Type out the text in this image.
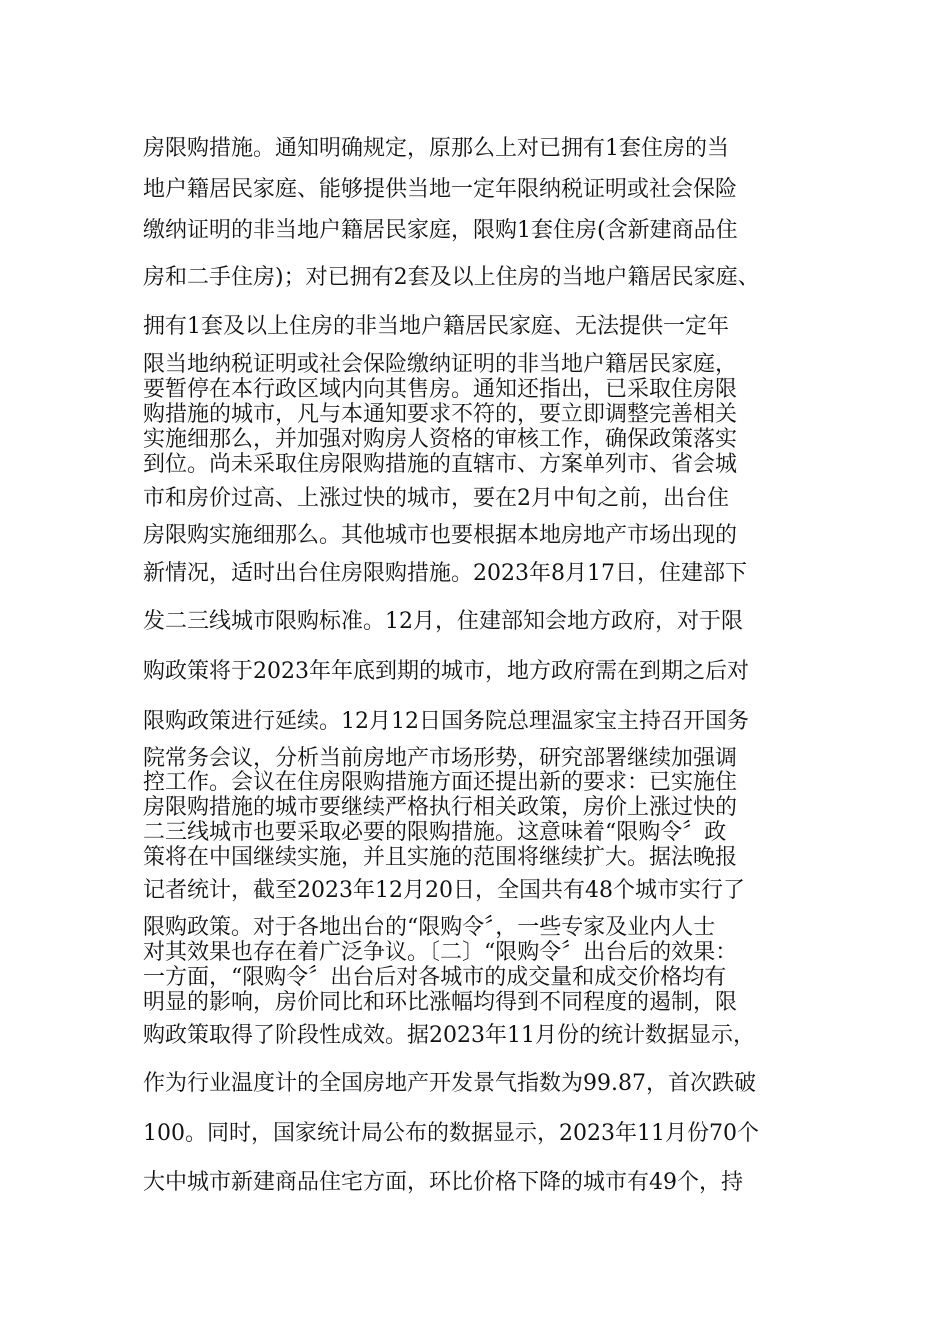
房限购措施。通知明确规定，原那么上对已拥有1套住房的当
地户籍居民家庭、能够提供当地一定年限纳税证明或社会保险
缴纳证明的非当地户籍居民家庭，限购1套住房(含新建商品住
房和二手住房)；对已拥有2套及以上住房的当地户籍居民家庭、
拥有1套及以上住房的非当地户籍居民家庭、无法提供一定年
限当地纳税证明或社会保险缴纳证明的非当地户籍居民家庭，
要暂停在本行政区域内向其售房。通知还指出，已采取住房限
购措施的城市，凡与本通知要求不符的，要立即调整完善相关
实施细那么，并加强对购房人资格的审核工作，确保政策落实
到位。尚未采取住房限购措施的直辖市、方案单列市、省会城
市和房价过高、上涨过快的城市，要在2月中旬之前，出台住
房限购实施细那么。其他城市也要根据本地房地产市场出现的
新情况，适时出台住房限购措施。2023年8月17日，住建部下
发二三线城市限购标准。12月，住建部知会地方政府，对于限
购政策将于2023年年底到期的城市，地方政府需在到期之后对
限购政策进行延续。12月12日国务院总理温家宝主持召开国务
院常务会议，分析当前房地产市场形势，研究部署继续加强调
控工作。会议在住房限购措施方面还提出新的要求：已实施住
房限购措施的城市要继续严格执行相关政策，房价上涨过快的
二三线城市也要采取必要的限购措施。这意味着“限购令〞政
策将在中国继续实施，并且实施的范围将继续扩大。据法晚报
记者统计，截至2023年12月20日，全国共有48个城市实行了
限购政策。对于各地出台的“限购令〞，一些专家及业内人士
对其效果也存在着广泛争议。〔二〕“限购令〞出台后的效果：
一方面，“限购令〞出台后对各城市的成交量和成交价格均有
明显的影响，房价同比和环比涨幅均得到不同程度的遏制，限
购政策取得了阶段性成效。据2023年11月份的统计数据显示，
作为行业温度计的全国房地产开发景气指数为99.87，首次跌破
100。同时，国家统计局公布的数据显示，2023年11月份70个
大中城市新建商品住宅方面，环比价格下降的城市有49个，持
